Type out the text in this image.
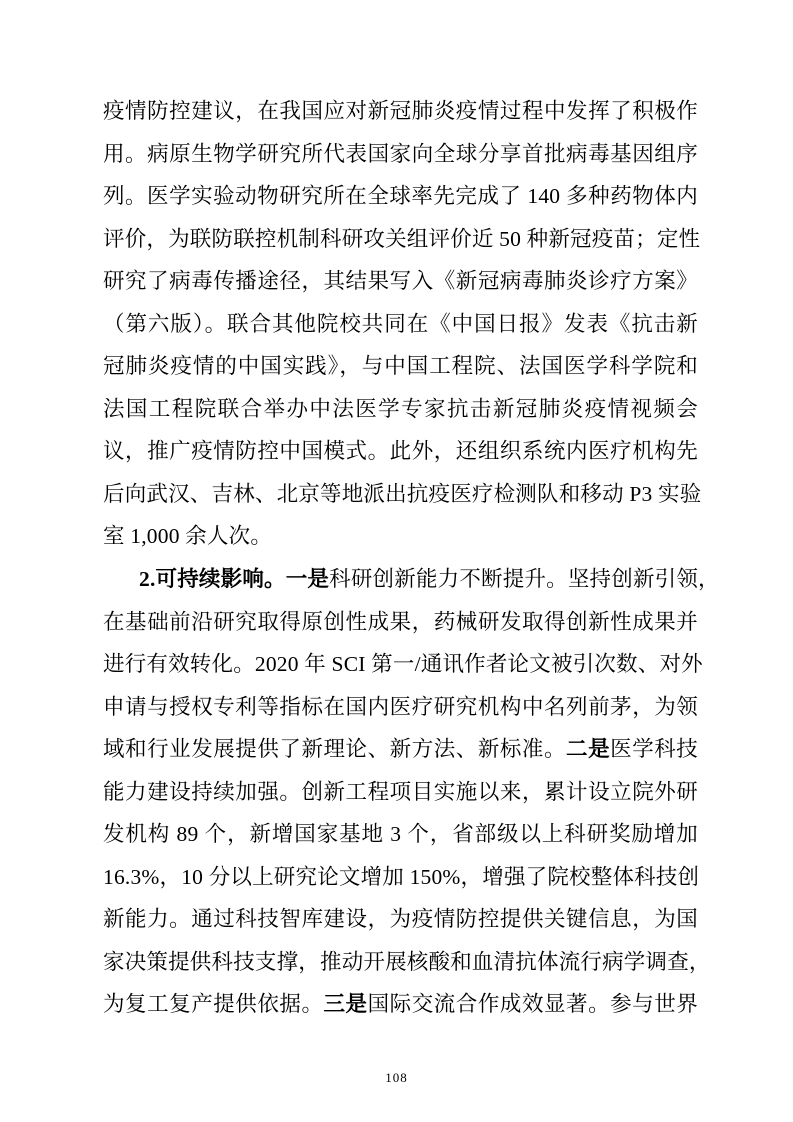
疫情防控建议，在我国应对新冠肺炎疫情过程中发挥了积极作
用。病原生物学研究所代表国家向全球分享首批病毒基因组序
列。医学实验动物研究所在全球率先完成了 140 多种药物体内
评价，为联防联控机制科研攻关组评价近 50 种新冠疫苗；定性
研究了病毒传播途径，其结果写入《新冠病毒肺炎诊疗方案》
（第六版）。联合其他院校共同在《中国日报》发表《抗击新
冠肺炎疫情的中国实践》，与中国工程院、法国医学科学院和
法国工程院联合举办中法医学专家抗击新冠肺炎疫情视频会
议，推广疫情防控中国模式。此外，还组织系统内医疗机构先
后向武汉、吉林、北京等地派出抗疫医疗检测队和移动 P3 实验
室 1,000 余人次。
2.可持续影响。一是科研创新能力不断提升。坚持创新引领，
在基础前沿研究取得原创性成果，药械研发取得创新性成果并
进行有效转化。2020 年 SCI 第一/通讯作者论文被引次数、对外
申请与授权专利等指标在国内医疗研究机构中名列前茅，为领
域和行业发展提供了新理论、新方法、新标准。二是医学科技
能力建设持续加强。创新工程项目实施以来，累计设立院外研
发机构 89 个，新增国家基地 3 个，省部级以上科研奖励增加
16.3%，10 分以上研究论文增加 150%，增强了院校整体科技创
新能力。通过科技智库建设，为疫情防控提供关键信息，为国
家决策提供科技支撑，推动开展核酸和血清抗体流行病学调查，
为复工复产提供依据。三是国际交流合作成效显著。参与世界
108
